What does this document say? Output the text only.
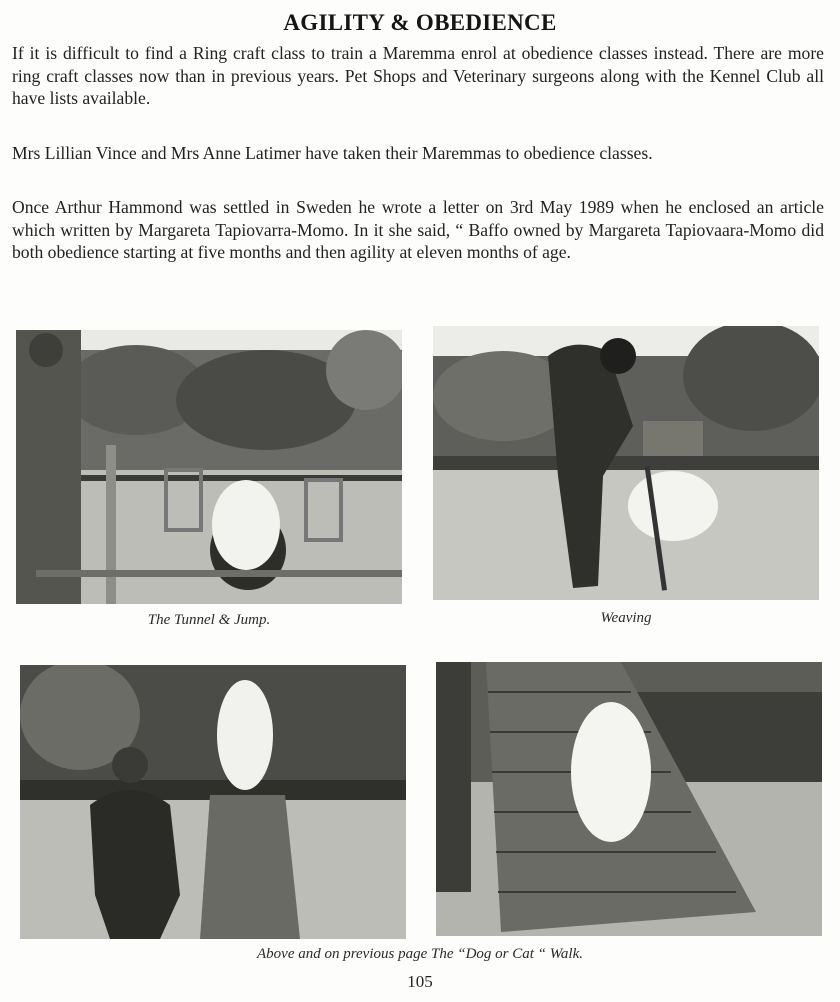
AGILITY & OBEDIENCE

If it is difficult to find a Ring craft class to train a Maremma enrol at obedience classes instead. There are more ring craft classes now than in previous years. Pet Shops and Veterinary surgeons along with the Kennel Club all have lists available.

Mrs Lillian Vince and Mrs Anne Latimer have taken their Maremmas to obedience classes.

Once Arthur Hammond was settled in Sweden he wrote a letter on 3rd May 1989 when he enclosed an article which written by Margareta Tapiovarra-Momo. In it she said, “ Baffo owned by Margareta Tapiovaara-Momo did both obedience starting at five months and then agility at eleven months of age.

The Tunnel & Jump.	Weaving
Above and on previous page The “Dog or Cat “ Walk.
105
